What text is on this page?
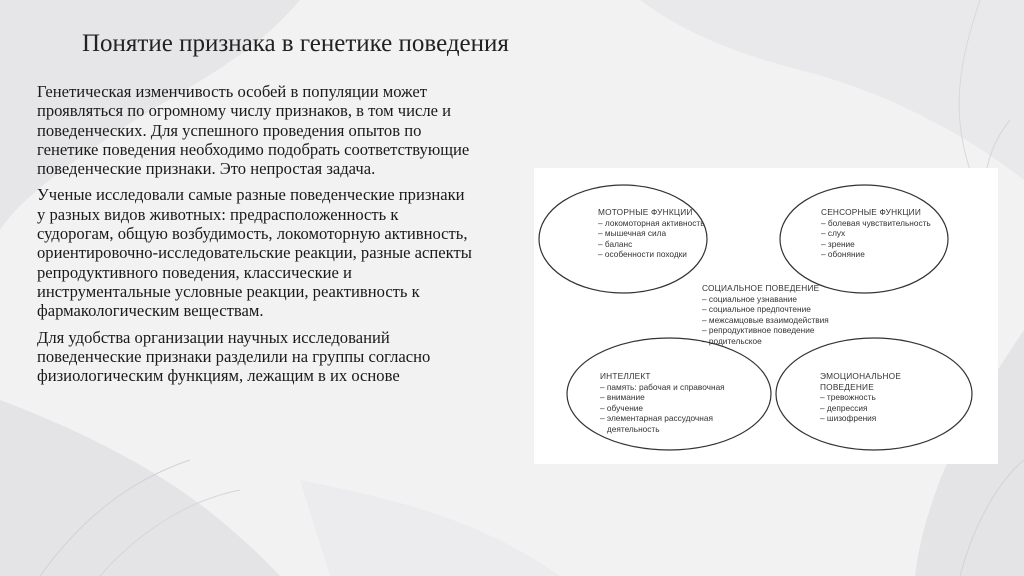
Понятие признака в генетике поведения

Генетическая изменчивость особей в популяции может
проявляться по огромному числу признаков, в том числе и
поведенческих. Для успешного проведения опытов по
генетике поведения необходимо подобрать соответствующие
поведенческие признаки. Это непростая задача.

Ученые исследовали самые разные поведенческие признаки
у разных видов животных: предрасположенность к
судорогам, общую возбудимость, локомоторную активность,
ориентировочно-исследовательские реакции, разные аспекты
репродуктивного поведения, классические и
инструментальные условные реакции, реактивность к
фармакологическим веществам.

Для удобства организации научных исследований
поведенческие признаки разделили на группы согласно
физиологическим функциям, лежащим в их основе

МОТОРНЫЕ ФУНКЦИИ
– локомоторная активность
– мышечная сила
– баланс
– особенности походки
СЕНСОРНЫЕ ФУНКЦИИ
– болевая чувствительность
– слух
– зрение
– обоняние
СОЦИАЛЬНОЕ ПОВЕДЕНИЕ
– социальное узнавание
– социальное предпочтение
– межсамцовые взаимодействия
– репродуктивное поведение
– родительское
ИНТЕЛЛЕКТ
– память: рабочая и справочная
– внимание
– обучение
– элементарная рассудочная
деятельность
ЭМОЦИОНАЛЬНОЕ
ПОВЕДЕНИЕ
– тревожность
– депрессия
– шизофрения
